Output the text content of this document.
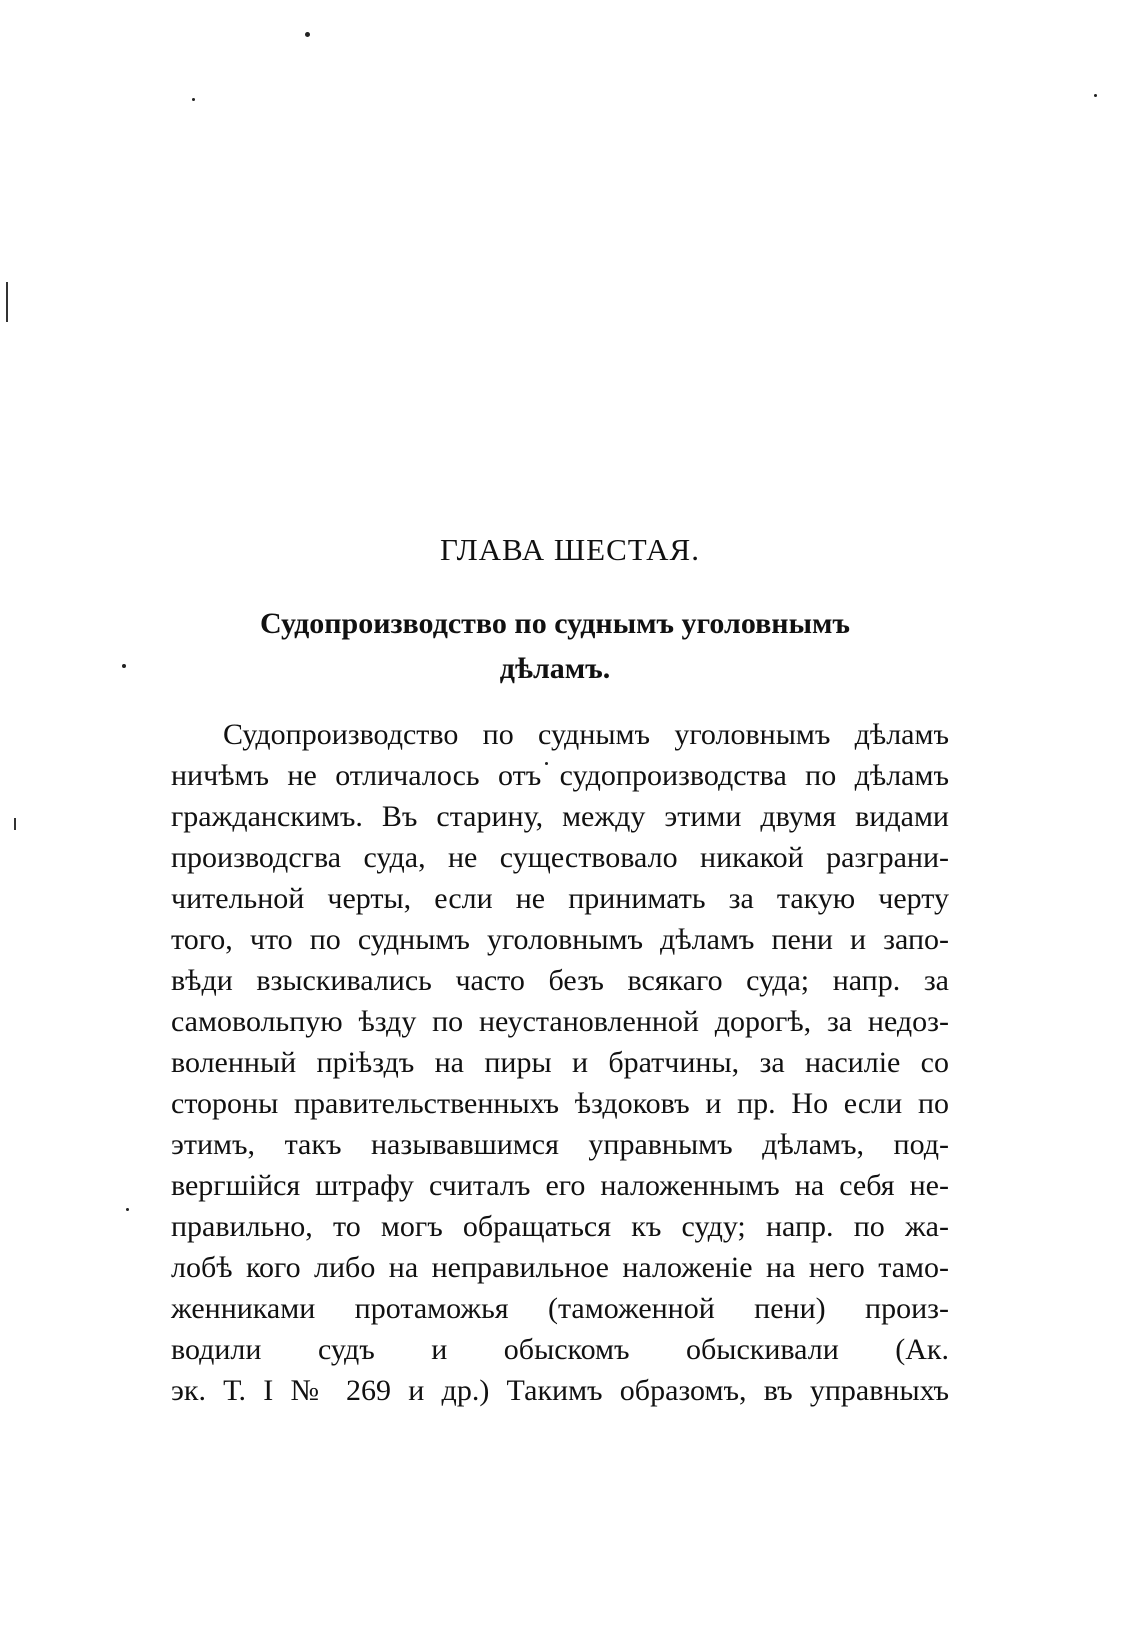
ГЛАВА ШЕСТАЯ.
Судопроизводство по суднымъ уголовнымъ
дѣламъ.
Судопроизводство по суднымъ уголовнымъ дѣламъ
ничѣмъ не отличалось отъ судопроизводства по дѣламъ
гражданскимъ. Въ старину, между этими двумя видами
производсгва суда, не существовало никакой разграни-
чительной черты, если не принимать за такую черту
того, что по суднымъ уголовнымъ дѣламъ пени и запо-
вѣди взыскивались часто безъ всякаго суда; напр. за
самовольпую ѣзду по неустановленной дорогѣ, за недоз-
воленный пріѣздъ на пиры и братчины, за насиліе со
стороны правительственныхъ ѣздоковъ и пр. Но если по
этимъ, такъ называвшимся управнымъ дѣламъ, под-
вергшійся штрафу считалъ его наложеннымъ на себя не-
правильно, то могъ обращаться къ суду; напр. по жа-
лобѣ кого либо на неправильное наложеніе на него тамо-
женниками протаможья (таможенной пени) произ-
водили судъ и обыскомъ обыскивали (Ак.
эк. Т. I № 269 и др.) Такимъ образомъ, въ управныхъ
